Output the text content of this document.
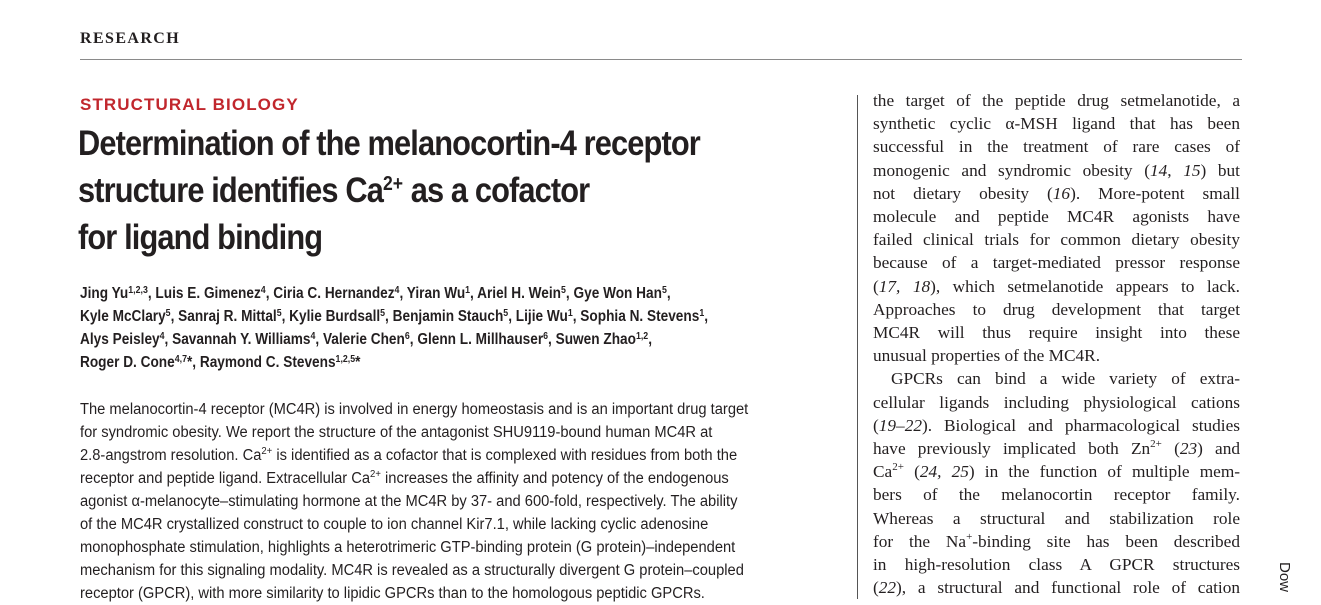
RESEARCH
STRUCTURAL BIOLOGY
Determination of the melanocortin-4 receptor
structure identifies $Ca^{2+}$ as a cofactor
for ligand binding
Jing Yu$^{1,2,3}$, Luis E. Gimenez$^4$, Ciria C. Hernandez$^4$, Yiran Wu$^1$, Ariel H. Wein$^5$, Gye Won Han$^5$,
Kyle McClary$^5$, Sanraj R. Mittal$^5$, Kylie Burdsall$^5$, Benjamin Stauch$^5$, Lijie Wu$^1$, Sophia N. Stevens$^1$,
Alys Peisley$^4$, Savannah Y. Williams$^4$, Valerie Chen$^6$, Glenn L. Millhauser$^6$, Suwen Zhao$^{1,2}$,
Roger D. Cone$^{4,7}$*, Raymond C. Stevens$^{1,2,5}$*
The melanocortin-4 receptor (MC4R) is involved in energy homeostasis and is an important drug target
for syndromic obesity. We report the structure of the antagonist SHU9119-bound human MC4R at
2.8-angstrom resolution. $Ca^{2+}$ is identified as a cofactor that is complexed with residues from both the
receptor and peptide ligand. Extracellular $Ca^{2+}$ increases the affinity and potency of the endogenous
agonist α-melanocyte–stimulating hormone at the MC4R by 37- and 600-fold, respectively. The ability
of the MC4R crystallized construct to couple to ion channel Kir7.1, while lacking cyclic adenosine
monophosphate stimulation, highlights a heterotrimeric GTP-binding protein (G protein)–independent
mechanism for this signaling modality. MC4R is revealed as a structurally divergent G protein–coupled
receptor (GPCR), with more similarity to lipidic GPCRs than to the homologous peptidic GPCRs.
the target of the peptide drug setmelanotide, a
synthetic cyclic α-MSH ligand that has been
successful in the treatment of rare cases of
monogenic and syndromic obesity (14, 15) but
not dietary obesity (16). More-potent small
molecule and peptide MC4R agonists have
failed clinical trials for common dietary obesity
because of a target-mediated pressor response
(17, 18), which setmelanotide appears to lack.
Approaches to drug development that target
MC4R will thus require insight into these
unusual properties of the MC4R.
GPCRs can bind a wide variety of extra-
cellular ligands including physiological cations
(19–22). Biological and pharmacological studies
have previously implicated both $Zn^{2+}$ (23) and
$Ca^{2+}$ (24, 25) in the function of multiple mem-
bers of the melanocortin receptor family.
Whereas a structural and stabilization role
for the Na+-binding site has been described
in high-resolution class A GPCR structures
(22), a structural and functional role of cation Dow
